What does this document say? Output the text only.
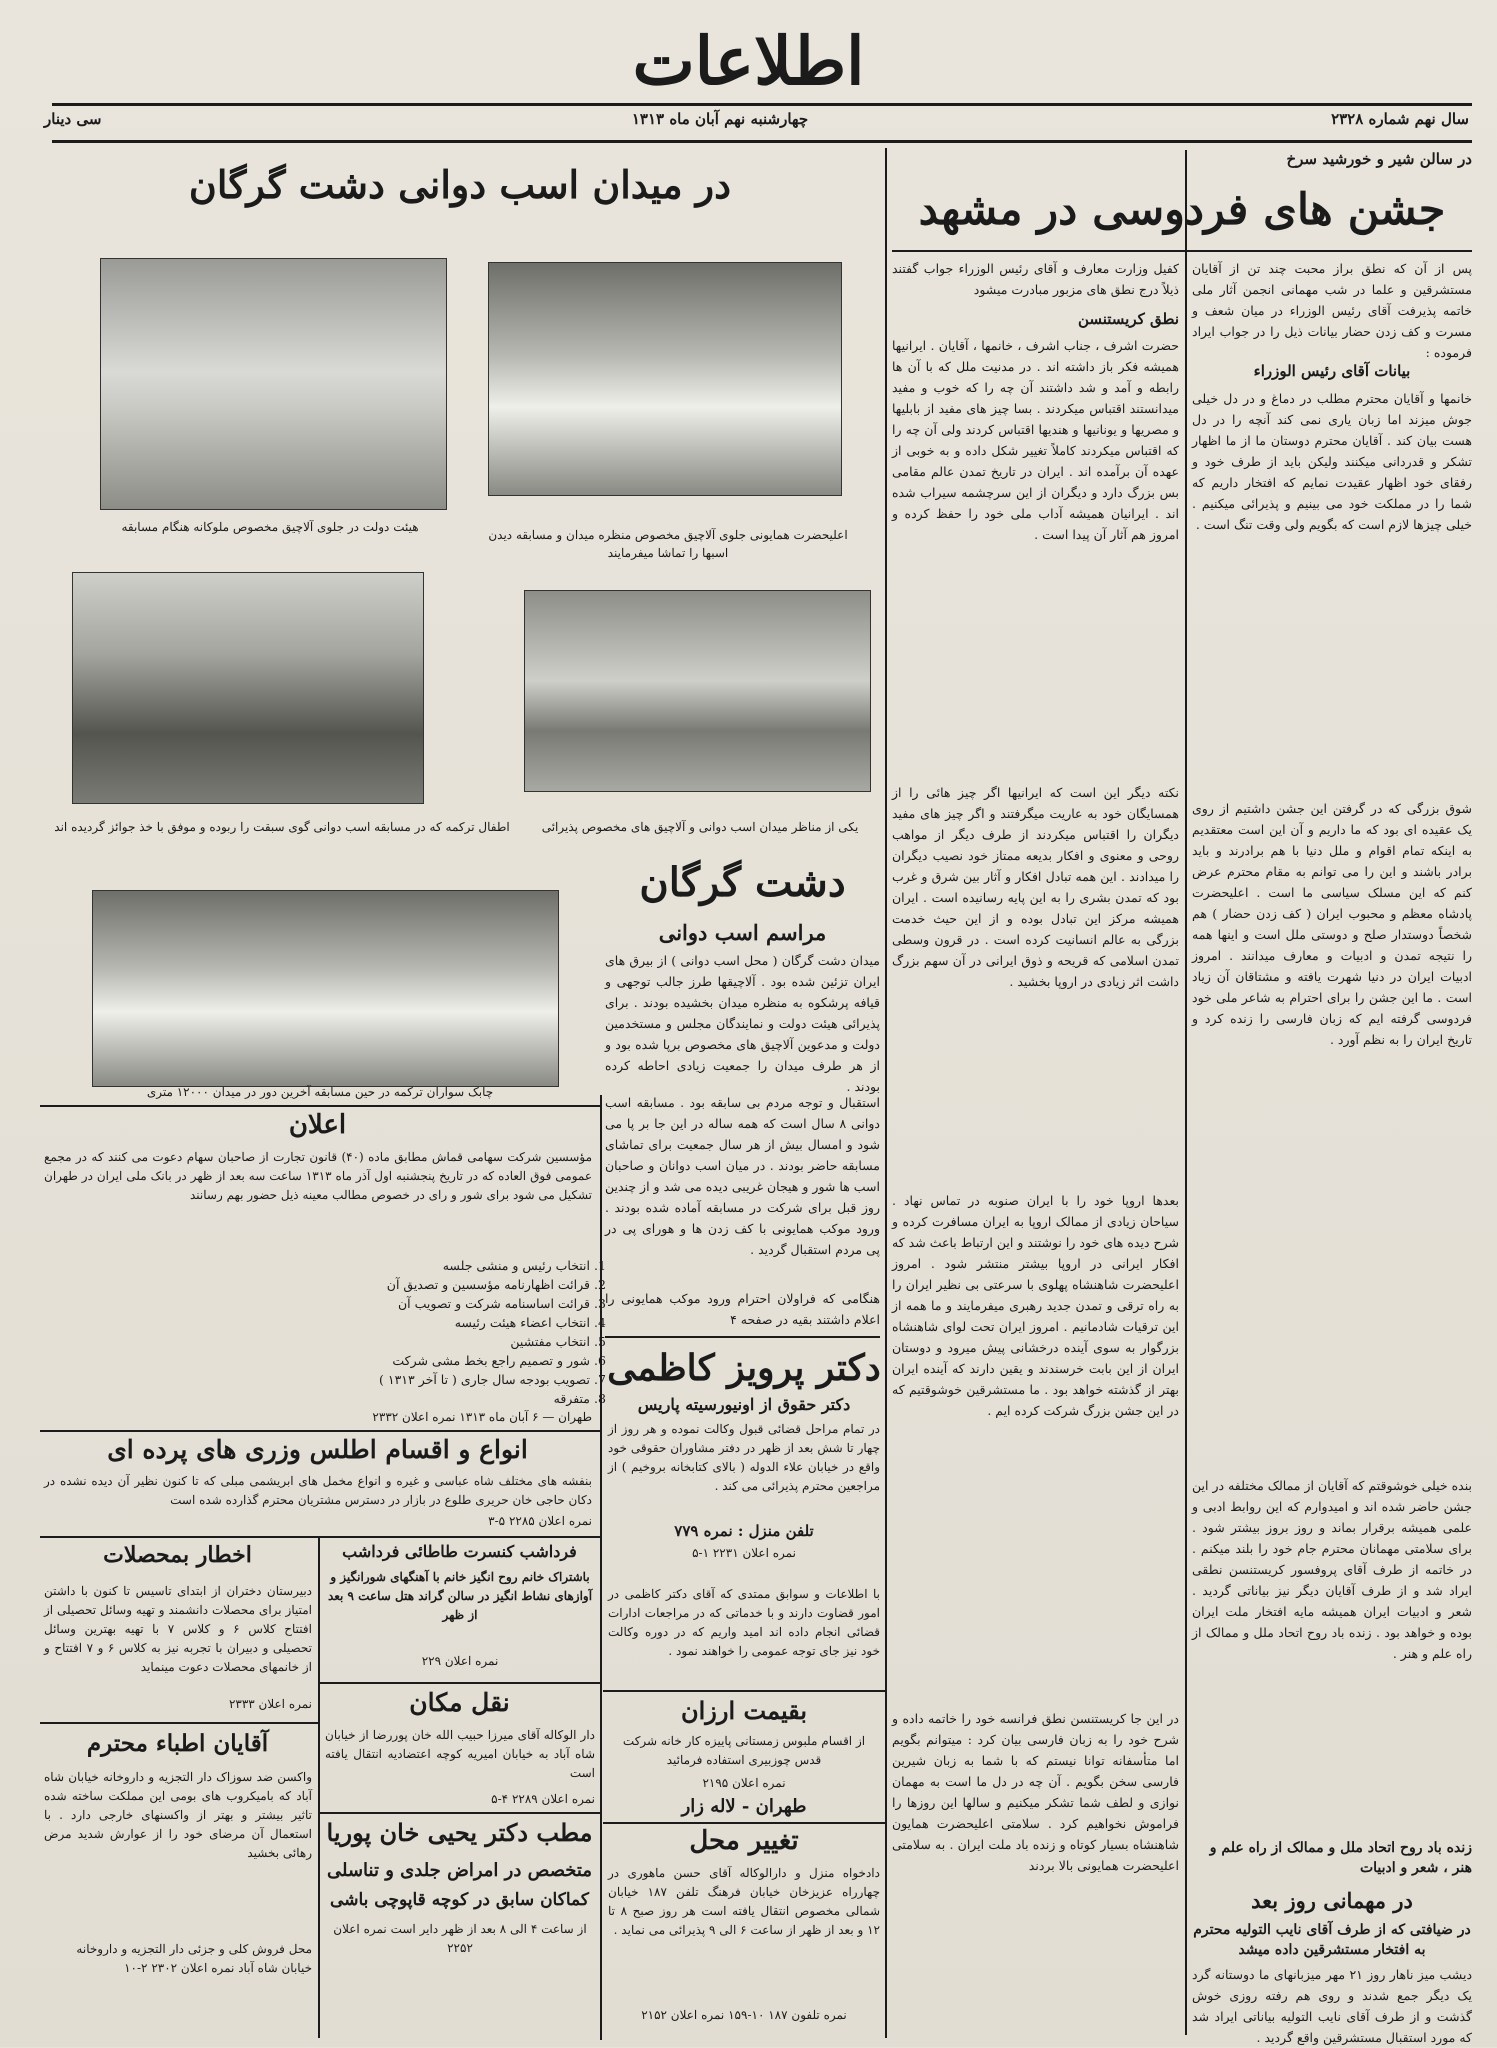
اطلاعات
سال نهم شماره ۲۳۲۸
چهارشنبه نهم آبان ماه ۱۳۱۳
سی دینار
در سالن شیر و خورشید سرخ
جشن های فردوسی در مشهد
پس از آن که نطق براز محبت چند تن از آقایان مستشرقین و علما در شب مهمانی انجمن آثار ملی خاتمه پذیرفت آقای رئیس الوزراء در میان شعف و مسرت و کف زدن حضار بیانات ذیل را در جواب ایراد فرموده :
بیانات آقای رئیس الوزراء
خانمها و آقایان محترم مطلب در دماغ و در دل خیلی جوش میزند اما زبان یاری نمی کند آنچه را در دل هست بیان کند . آقایان محترم دوستان ما از ما اظهار تشکر و قدردانی میکنند ولیکن باید از طرف خود و رفقای خود اظهار عقیدت نمایم که افتخار داریم که شما را در مملکت خود می بینیم و پذیرائی میکنیم . خیلی چیزها لازم است که بگویم ولی وقت تنگ است .
شوق بزرگی که در گرفتن این جشن داشتیم از روی یک عقیده ای بود که ما داریم و آن این است معتقدیم به اینکه تمام اقوام و ملل دنیا با هم برادرند و باید برادر باشند و این را می توانم به مقام محترم عرض کنم که این مسلک سیاسی ما است . اعلیحضرت پادشاه معظم و محبوب ایران ( کف زدن حضار ) هم شخصاً دوستدار صلح و دوستی ملل است و اینها همه را نتیجه تمدن و ادبیات و معارف میدانند . امروز ادبیات ایران در دنیا شهرت یافته و مشتاقان آن زیاد است . ما این جشن را برای احترام به شاعر ملی خود فردوسی گرفته ایم که زبان فارسی را زنده کرد و تاریخ ایران را به نظم آورد .
بنده خیلی خوشوقتم که آقایان از ممالک مختلفه در این جشن حاضر شده اند و امیدوارم که این روابط ادبی و علمی همیشه برقرار بماند و روز بروز بیشتر شود . برای سلامتی مهمانان محترم جام خود را بلند میکنم . در خاتمه از طرف آقای پروفسور کریستنسن نطقی ایراد شد و از طرف آقایان دیگر نیز بیاناتی گردید . شعر و ادبیات ایران همیشه مایه افتخار ملت ایران بوده و خواهد بود . زنده باد روح اتحاد ملل و ممالک از راه علم و هنر .
زنده باد روح اتحاد ملل و ممالک از راه علم و هنر ، شعر و ادبیات
در مهمانی روز بعد
در ضیافتی که از طرف آقای نایب التولیه محترم به افتخار مستشرقین داده میشد
دیشب میز ناهار روز ۲۱ مهر میزبانهای ما دوستانه گرد یک دیگر جمع شدند و روی هم رفته روزی خوش گذشت و از طرف آقای نایب التولیه بیاناتی ایراد شد که مورد استقبال مستشرقین واقع گردید .
کفیل وزارت معارف و آقای رئیس الوزراء جواب گفتند ذیلاً درج نطق های مزبور مبادرت میشود
نطق کریستنسن
حضرت اشرف ، جناب اشرف ، خانمها ، آقایان . ایرانیها همیشه فکر باز داشته اند . در مدنیت ملل که با آن ها رابطه و آمد و شد داشتند آن چه را که خوب و مفید میدانستند اقتباس میکردند . بسا چیز های مفید از بابلیها و مصریها و یونانیها و هندیها اقتباس کردند ولی آن چه را که اقتباس میکردند کاملاً تغییر شکل داده و به خوبی از عهده آن برآمده اند . ایران در تاریخ تمدن عالم مقامی بس بزرگ دارد و دیگران از این سرچشمه سیراب شده اند . ایرانیان همیشه آداب ملی خود را حفظ کرده و امروز هم آثار آن پیدا است .
نکته دیگر این است که ایرانیها اگر چیز هائی را از همسایگان خود به عاریت میگرفتند و اگر چیز های مفید دیگران را اقتباس میکردند از طرف دیگر از مواهب روحی و معنوی و افکار بدیعه ممتاز خود نصیب دیگران را میدادند . این همه تبادل افکار و آثار بین شرق و غرب بود که تمدن بشری را به این پایه رسانیده است . ایران همیشه مرکز این تبادل بوده و از این حیث خدمت بزرگی به عالم انسانیت کرده است . در قرون وسطی تمدن اسلامی که قریحه و ذوق ایرانی در آن سهم بزرگ داشت اثر زیادی در اروپا بخشید .
بعدها اروپا خود را با ایران صنوبه در تماس نهاد . سیاحان زیادی از ممالک اروپا به ایران مسافرت کرده و شرح دیده های خود را نوشتند و این ارتباط باعث شد که افکار ایرانی در اروپا بیشتر منتشر شود . امروز اعلیحضرت شاهنشاه پهلوی با سرعتی بی نظیر ایران را به راه ترقی و تمدن جدید رهبری میفرمایند و ما همه از این ترقیات شادمانیم . امروز ایران تحت لوای شاهنشاه بزرگوار به سوی آینده درخشانی پیش میرود و دوستان ایران از این بابت خرسندند و یقین دارند که آینده ایران بهتر از گذشته خواهد بود . ما مستشرقین خوشوقتیم که در این جشن بزرگ شرکت کرده ایم .
در این جا کریستنسن نطق فرانسه خود را خاتمه داده و شرح خود را به زبان فارسی بیان کرد : میتوانم بگویم اما متأسفانه توانا نیستم که با شما به زبان شیرین فارسی سخن بگویم . آن چه در دل ما است به مهمان نوازی و لطف شما تشکر میکنیم و سالها این روزها را فراموش نخواهیم کرد . سلامتی اعلیحضرت همایون شاهنشاه بسیار کوتاه و زنده باد ملت ایران . به سلامتی اعلیحضرت همایونی بالا بردند
در میدان اسب دوانی دشت گرگان
هیئت دولت در جلوی آلاچیق مخصوص ملوکانه هنگام مسابقه
اعلیحضرت همایونی جلوی آلاچیق مخصوص منظره میدان و مسابقه دیدن اسبها را تماشا میفرمایند
اطفال ترکمه که در مسابقه اسب دوانی گوی سبقت را ربوده و موفق با خذ جوائز گردیده اند	یکی از مناظر میدان اسب دوانی و آلاچیق های مخصوص پذیرائی
چابک سواران ترکمه در حین مسابقه آخرین دور در میدان ۱۲۰۰۰ متری
دشت گرگان
مراسم اسب دوانی
میدان دشت گرگان ( محل اسب دوانی ) از بیرق های ایران تزئین شده بود . آلاچیقها طرز جالب توجهی و قیافه پرشکوه به منظره میدان بخشیده بودند . برای پذیرائی هیئت دولت و نمایندگان مجلس و مستخدمین دولت و مدعوین آلاچیق های مخصوص برپا شده بود و از هر طرف میدان را جمعیت زیادی احاطه کرده بودند .
استقبال و توجه مردم بی سابقه بود . مسابقه اسب دوانی ۸ سال است که همه ساله در این جا بر پا می شود و امسال بیش از هر سال جمعیت برای تماشای مسابقه حاضر بودند . در میان اسب دوانان و صاحبان اسب ها شور و هیجان غریبی دیده می شد و از چندین روز قبل برای شرکت در مسابقه آماده شده بودند . ورود موکب همایونی با کف زدن ها و هورای پی در پی مردم استقبال گردید .
هنگامی که فراولان احترام ورود موکب همایونی را اعلام داشتند بقیه در صفحه ۴
اعلان
مؤسسین شرکت سهامی قماش مطابق ماده (۴۰) قانون تجارت از صاحبان سهام دعوت می کنند که در مجمع عمومی فوق العاده که در تاریخ پنجشنبه اول آذر ماه ۱۳۱۳ ساعت سه بعد از ظهر در بانک ملی ایران در طهران تشکیل می شود برای شور و رای در خصوص مطالب معینه ذیل حضور بهم رسانند
1. انتخاب رئیس و منشی جلسه
2. قرائت اظهارنامه مؤسسین و تصدیق آن
3. قرائت اساسنامه شرکت و تصویب آن
4. انتخاب اعضاء هیئت رئیسه
5. انتخاب مفتشین
6. شور و تصمیم راجع بخط مشی شرکت
7. تصویب بودجه سال جاری ( تا آخر ۱۳۱۳ )
8. متفرقه
طهران — ۶ آبان ماه ۱۳۱۳ نمره اعلان ۲۳۳۲
انواع و اقسام اطلس وزری های پرده ای
بنفشه های مختلف شاه عباسی و غیره و انواع مخمل های ابریشمی مبلی که تا کنون نظیر آن دیده نشده در دکان حاجی خان حریری طلوع در بازار در دسترس مشتریان محترم گذارده شده است
نمره اعلان ۲۲۸۵ ۵-۳
فرداشب کنسرت طاطائی فرداشب
باشتراک خانم روح انگیز خانم با آهنگهای شورانگیز و آوازهای نشاط انگیز در سالن گراند هتل ساعت ۹ بعد از ظهر
نمره اعلان ۲۲۹
اخطار بمحصلات
دبیرستان دختران از ابتدای تاسیس تا کنون با داشتن امتیاز برای محصلات دانشمند و تهیه وسائل تحصیلی از افتتاح کلاس ۶ و کلاس ۷ با تهیه بهترین وسائل تحصیلی و دبیران با تجربه نیز به کلاس ۶ و ۷ افتتاح و از خانمهای محصلات دعوت مینماید
نمره اعلان ۲۳۳۳	نقل مکان
دار الوکاله آقای میرزا حبیب الله خان پوررضا از خیابان شاه آباد به خیابان امیریه کوچه اعتضادیه انتقال یافته است
نمره اعلان ۲۲۸۹ ۴-۵
آقایان اطباء محترم
واکسن ضد سوزاک دار التجزیه و داروخانه خیابان شاه آباد که بامیکروب های بومی این مملکت ساخته شده تاثیر بیشتر و بهتر از واکسنهای خارجی دارد . با استعمال آن مرضای خود را از عوارش شدید مرض رهائی بخشید
محل فروش کلی و جزئی دار التجزیه و داروخانه خیابان شاه آباد نمره اعلان ۲۳۰۲ ۲-۱۰
مطب دکتر یحیی خان پوریا
متخصص در امراض جلدی و تناسلی
کماکان سابق در کوچه قاپوچی باشی
از ساعت ۴ الی ۸ بعد از ظهر دایر است نمره اعلان ۲۲۵۲
دکتر پرویز کاظمی
دکتر حقوق از اونیورسیته پاریس
در تمام مراحل قضائی قبول وکالت نموده و هر روز از چهار تا شش بعد از ظهر در دفتر مشاوران حقوقی خود واقع در خیابان علاء الدوله ( بالای کتابخانه بروخیم ) از مراجعین محترم پذیرائی می کند .
تلفن منزل : نمره ۷۷۹
نمره اعلان ۲۲۳۱ ۱-۵
با اطلاعات و سوابق ممتدی که آقای دکتر کاظمی در امور قضاوت دارند و با خدماتی که در مراجعات ادارات قضائی انجام داده اند امید واریم که در دوره وکالت خود نیز جای توجه عمومی را خواهند نمود .
بقیمت ارزان
از اقسام ملبوس زمستانی پاییزه کار خانه شرکت قدس چوزبیری استفاده فرمائید
نمره اعلان ۲۱۹۵
طهران - لاله زار
تغییر محل
دادخواه منزل و دارالوکاله آقای حسن ماهوری در چهارراه عزیزخان خیابان فرهنگ تلفن ۱۸۷ خیابان شمالی مخصوص انتقال یافته است هر روز صبح ۸ تا ۱۲ و بعد از ظهر از ساعت ۶ الی ۹ پذیرائی می نماید .
نمره تلفون ۱۸۷ ۱۰-۱۵۹ نمره اعلان ۲۱۵۲
